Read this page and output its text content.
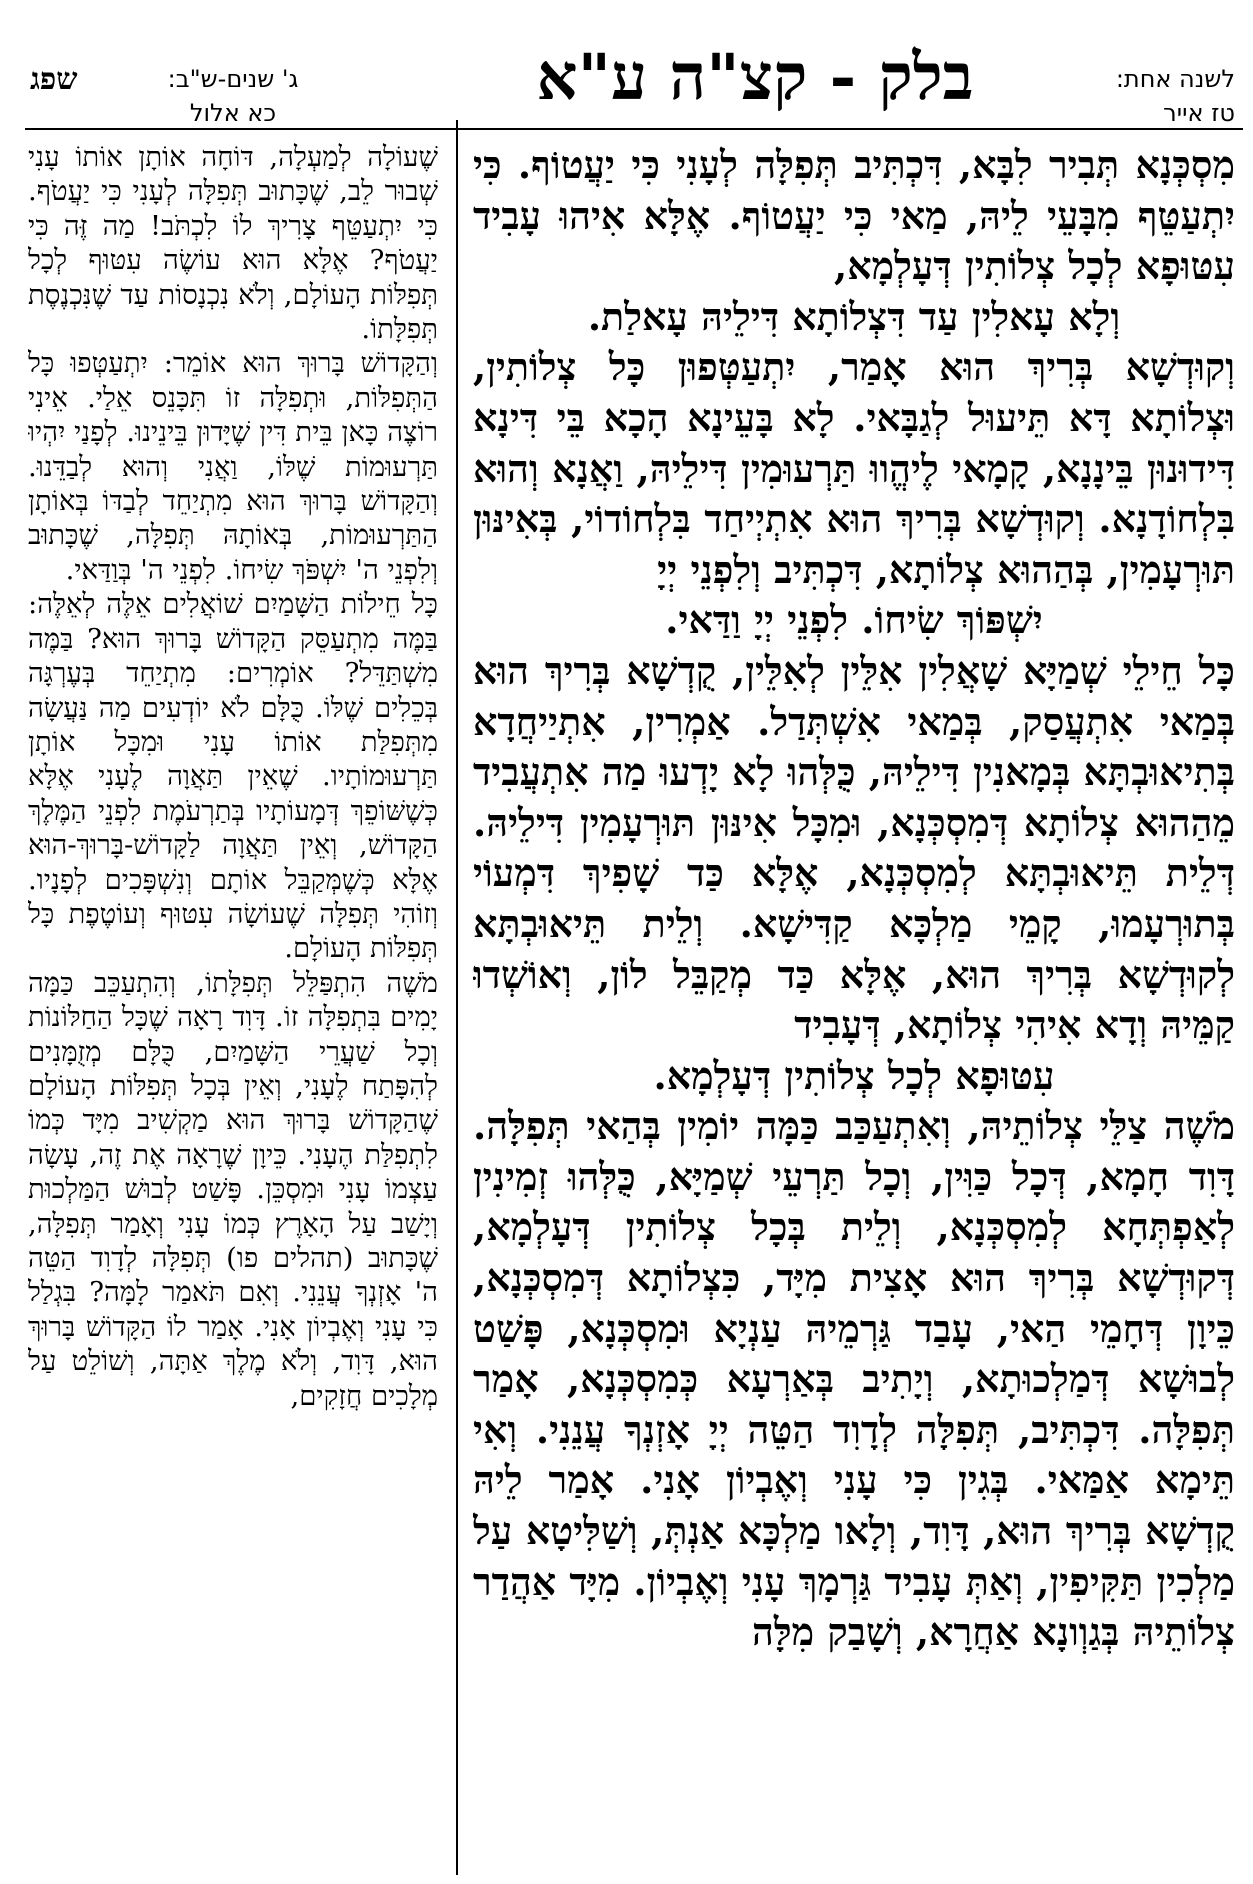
לשנה אחת:
טז אייר
בלק - קצ"ה ע"א
ג' שנים-ש"ב:
כא אלול
שפג

מִסְכְּנָא תְּבִיר לִבָּא, דִּכְתִּיב תְּפִלָּה לְעָנִי כִּי יַעֲטוֹף. כִּי יִתְעַטֵּף מִבָּעֵי לֵיהּ, מַאי כִּי יַעֲטוֹף. אֶלָּא אִיהוּ עָבִיד עִטּוּפָא לְכָל צְלוֹתִין דְּעָלְמָא,

וְלָא עָאלִין עַד דִּצְלוֹתָא דִּילֵיהּ עָאלַת.

וְקוּדְשָׁא בְּרִיךְ הוּא אָמַר, יִתְעַטְּפוּן כָּל צְלוֹתִין, וּצְלוֹתָא דָּא תֵּיעוּל לְגַבָּאי. לָא בָּעֵינָא הָכָא בֵּי דִּינָא דִּידוּנוּן בֵּינָנָא, קָמָאי לֶיהֱווּ תַּרְעוּמִין דִּילֵיהּ, וַאֲנָא וְהוּא בִּלְחוֹדָנָא. וְקוּדְשָׁא בְּרִיךְ הוּא אִתְיְיחַד בִּלְחוֹדוֹי, בְּאִינּוּן תּוּרְעָמִין, בְּהַהוּא צְלוֹתָא, דִּכְתִּיב וְלִפְנֵי יְיָ

יִשְׁפּוֹךְ שִׂיחוֹ. לִפְנֵי יְיָ וַדַּאי.

כָּל חֵילֵי שְׁמַיָּא שָׁאֲלִין אִלֵּין לְאִלֵּין, קֻדְשָׁא בְּרִיךְ הוּא בְּמַאי אִתְעֲסַק, בְּמַאי אִשְׁתְּדַל. אַמְרִין, אִתְיַיחֲדָא בְּתִיאוּבְתָּא בְּמָאנִין דִּילֵיהּ, כֻּלְּהוּ לָא יָדְעוּ מַה אִתְעֲבִיד מֵהַהוּא צְלוֹתָא דְּמִסְכְּנָא, וּמִכָּל אִינּוּן תּוּרְעָמִין דִּילֵיהּ. דְּלֵית תֵּיאוּבְתָּא לְמִסְכְּנָא, אֶלָּא כַּד שָׁפִיךְ דִּמְעוֹי בְּתוּרְעָמוּ, קָמֵי מַלְכָּא קַדִּישָׁא. וְלֵית תֵּיאוּבְתָּא לְקוּדְשָׁא בְּרִיךְ הוּא, אֶלָּא כַּד מְקַבֵּל לוֹן, וְאוֹשְׁדוּ קַמֵּיהּ וְדָא אִיהִי צְלוֹתָא, דְּעָבִיד

עִטּוּפָא לְכָל צְלוֹתִין דְּעָלְמָא.

מֹשֶׁה צַלֵּי צְלוֹתֵיהּ, וְאִתְעַכַּב כַּמָּה יוֹמִין בְּהַאי תְּפִלָּה. דָּוִד חָמָא, דְּכָל כַּוִּין, וְכָל תַּרְעֵי שְׁמַיָּא, כֻּלְּהוּ זְמִינִין לְאַפְתְּחָא לְמִסְכְּנָא, וְלֵית בְּכָל צְלוֹתִין דְּעָלְמָא, דְּקוּדְשָׁא בְּרִיךְ הוּא אָצִית מִיָּד, כִּצְלוֹתָא דְּמִסְכְּנָא, כֵּיוָן דְּחָמֵי הַאי, עָבַד גַּרְמֵיהּ עַנְיָא וּמִסְכְּנָא, פָּשַׁט לְבוּשָׁא דְּמַלְכוּתָא, וְיָתִיב בְּאַרְעָא כְּמִסְכְּנָא, אָמַר תְּפִלָּה. דִּכְתִּיב, תְּפִלָּה לְדָוִד הַטֵּה יְיָ אָזְנְךָ עֲנֵנִי. וְאִי תֵּימָא אַמַּאי. בְּגִין כִּי עָנִי וְאֶבְיוֹן אָנִי. אָמַר לֵיהּ קֻדְשָׁא בְּרִיךְ הוּא, דָּוִד, וְלָאו מַלְכָּא אַנְתְּ, וְשַׁלִּיטָא עַל מַלְכִין תַּקִּיפִין, וְאַתְּ עָבִיד גַּרְמָךְ עָנִי וְאֶבְיוֹן. מִיָּד אַהֲדַר צְלוֹתֵיהּ בְּגַוְונָא אַחֲרָא, וְשָׁבַק מִלָּה

שֶׁעוֹלָה לְמַעְלָה, דּוֹחָה אוֹתָן אוֹתוֹ עָנִי שְׁבוּר לֵב, שֶׁכָּתוּב תְּפִלָּה לְעָנִי כִּי יַעֲטֹף. כִּי יִתְעַטֵּף צָרִיךְ לוֹ לִכְתֹּב! מַה זֶּה כִּי יַעֲטֹף? אֶלָּא הוּא עוֹשֶׂה עִטּוּף לְכָל תְּפִלּוֹת הָעוֹלָם, וְלֹא נִכְנָסוֹת עַד שֶׁנִּכְנֶסֶת תְּפִלָּתוֹ.

וְהַקָּדוֹשׁ בָּרוּךְ הוּא אוֹמֵר: יִתְעַטְּפוּ כָּל הַתְּפִלּוֹת, וּתְפִלָּה זוֹ תִּכָּנֵס אֵלַי. אֵינִי רוֹצֶה כָּאן בֵּית דִּין שֶׁיָּדוּן בֵּינֵינוּ. לְפָנַי יִהְיוּ תַּרְעוּמוֹת שֶׁלּוֹ, וַאֲנִי וְהוּא לְבַדֵּנוּ. וְהַקָּדוֹשׁ בָּרוּךְ הוּא מִתְיַחֵד לְבַדּוֹ בְּאוֹתָן הַתַּרְעוּמוֹת, בְּאוֹתָהּ תְּפִלָּה, שֶׁכָּתוּב וְלִפְנֵי ה' יִשְׁפֹּךְ שִׂיחוֹ. לִפְנֵי ה' בְּוַדַּאי.

כָּל חֵילוֹת הַשָּׁמַיִם שׁוֹאֲלִים אֵלֶּה לְאֵלֶּה: בַּמֶּה מִתְעַסֵּק הַקָּדוֹשׁ בָּרוּךְ הוּא? בַּמֶּה מִשְׁתַּדֵּל? אוֹמְרִים: מִתְיַחֵד בְּעֶרְגָּה בְּכֵלִים שֶׁלּוֹ. כֻּלָּם לֹא יוֹדְעִים מַה נַּעֲשָׂה מִתְּפִלַּת אוֹתוֹ עָנִי וּמִכָּל אוֹתָן תַּרְעוּמוֹתָיו. שֶׁאֵין תַּאֲוָה לֶעָנִי אֶלָּא כְּשֶׁשּׁוֹפֵךְ דְּמָעוֹתָיו בְּתַרְעֹמֶת לִפְנֵי הַמֶּלֶךְ הַקָּדוֹשׁ, וְאֵין תַּאֲוָה לַקָּדוֹשׁ-בָּרוּךְ-הוּא אֶלָּא כְּשֶׁמְּקַבֵּל אוֹתָם וְנִשְׁפָּכִים לְפָנָיו. וְזוֹהִי תְּפִלָּה שֶׁעוֹשָׂה עִטּוּף וְעוֹטֶפֶת כָּל תְּפִלּוֹת הָעוֹלָם.

מֹשֶׁה הִתְפַּלֵּל תְּפִלָּתוֹ, וְהִתְעַכֵּב כַּמָּה יָמִים בִּתְפִלָּה זוֹ. דָּוִד רָאָה שֶׁכָּל הַחַלּוֹנוֹת וְכָל שַׁעֲרֵי הַשָּׁמַיִם, כֻּלָּם מְזֻמָּנִים לְהִפָּתַח לֶעָנִי, וְאֵין בְּכָל תְּפִלּוֹת הָעוֹלָם שֶׁהַקָּדוֹשׁ בָּרוּךְ הוּא מַקְשִׁיב מִיָּד כְּמוֹ לִתְפִלַּת הֶעָנִי. כֵּיוָן שֶׁרָאָה אֶת זֶה, עָשָׂה עַצְמוֹ עָנִי וּמִסְכֵּן. פָּשַׁט לְבוּשׁ הַמַּלְכוּת וְיָשַׁב עַל הָאָרֶץ כְּמוֹ עָנִי וְאָמַר תְּפִלָּה, שֶׁכָּתוּב (תהלים פו) תְּפִלָּה לְדָוִד הַטֵּה ה' אָזְנְךָ עֲנֵנִי. וְאִם תֹּאמַר לָמָּה? בִּגְלַל כִּי עָנִי וְאֶבְיוֹן אָנִי. אָמַר לוֹ הַקָּדוֹשׁ בָּרוּךְ הוּא, דָּוִד, וְלֹא מֶלֶךְ אַתָּה, וְשׁוֹלֵט עַל מְלָכִים חֲזָקִים,
